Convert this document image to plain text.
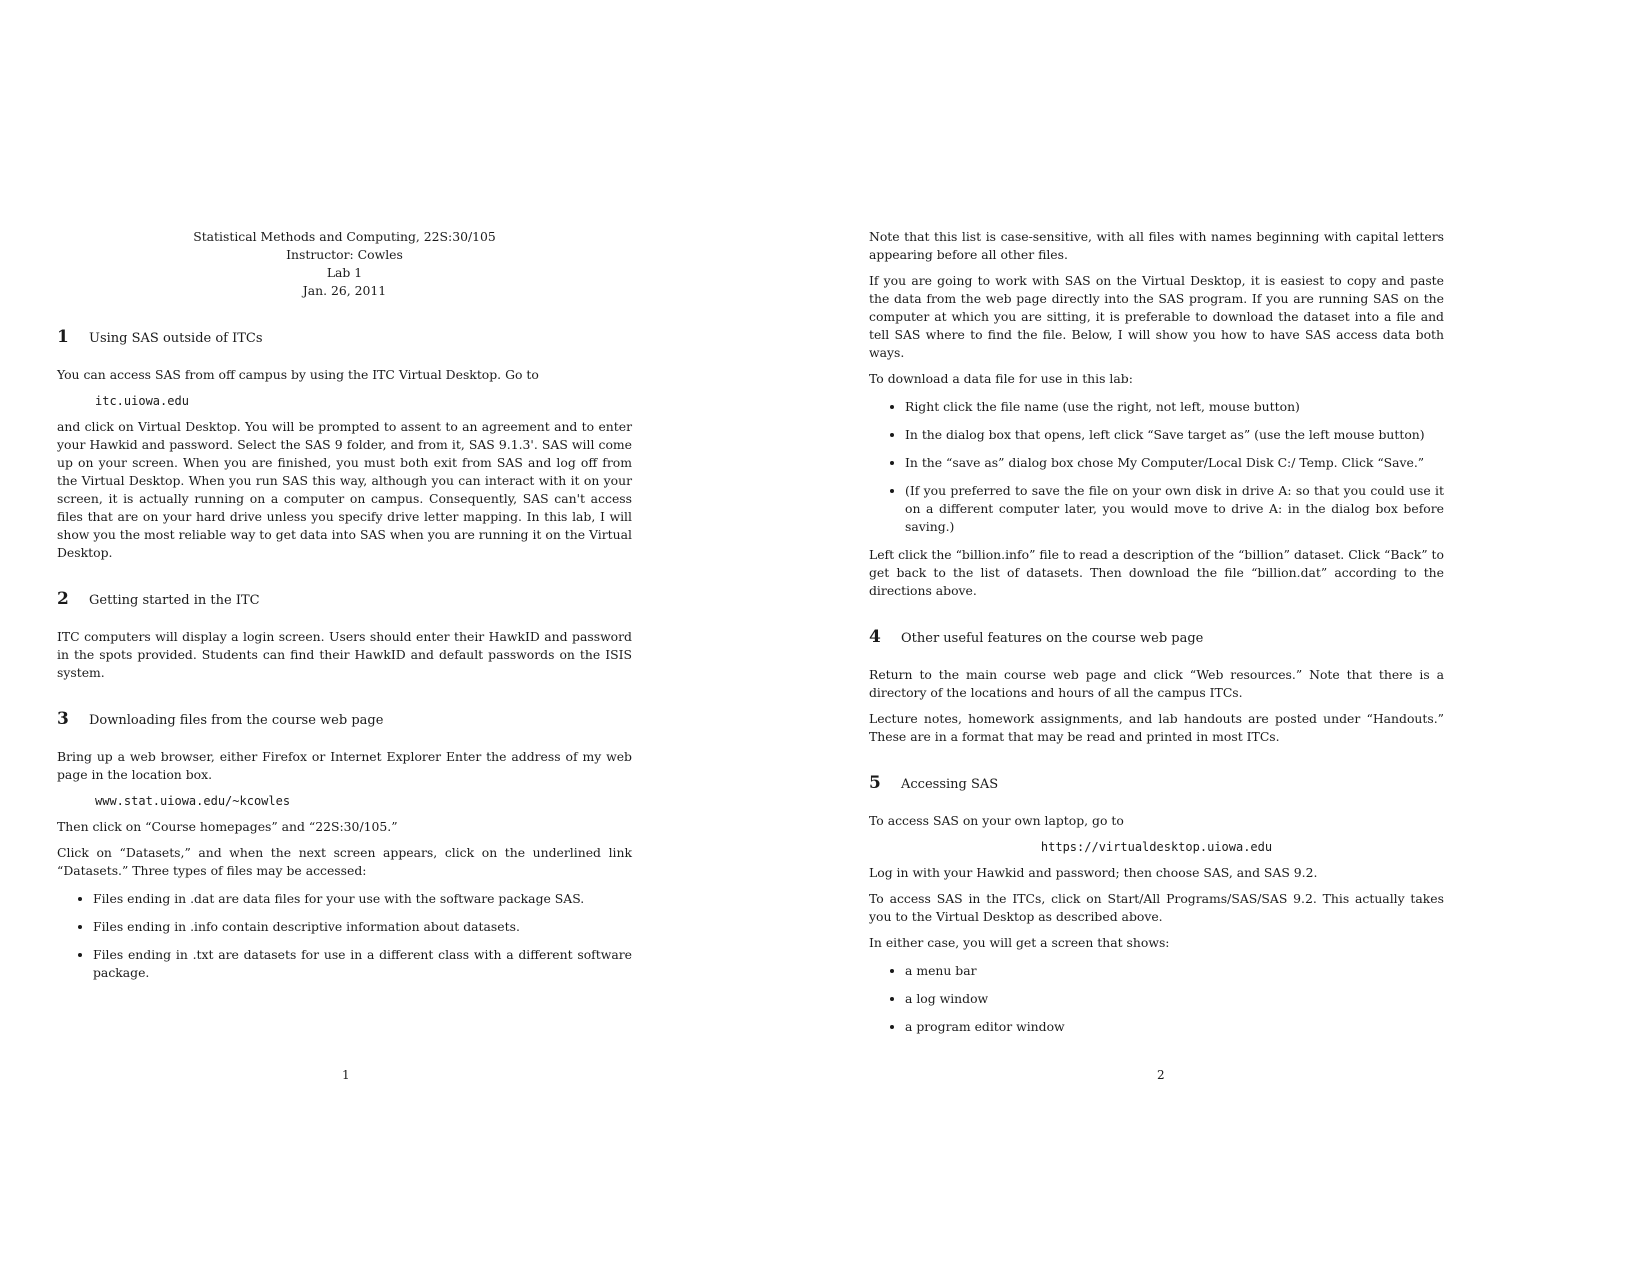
Statistical Methods and Computing, 22S:30/105
Instructor: Cowles
Lab 1
Jan. 26, 2011
1	Using SAS outside of ITCs

You can access SAS from off campus by using the ITC Virtual Desktop. Go to

itc.uiowa.edu

and click on Virtual Desktop. You will be prompted to assent to an agreement and to enter your Hawkid and password. Select the SAS 9 folder, and from it, SAS 9.1.3'. SAS will come up on your screen. When you are finished, you must both exit from SAS and log off from the Virtual Desktop. When you run SAS this way, although you can interact with it on your screen, it is actually running on a computer on campus. Consequently, SAS can't access files that are on your hard drive unless you specify drive letter mapping. In this lab, I will show you the most reliable way to get data into SAS when you are running it on the Virtual Desktop.

2	Getting started in the ITC

ITC computers will display a login screen. Users should enter their HawkID and password in the spots provided. Students can find their HawkID and default passwords on the ISIS system.

3	Downloading files from the course web page

Bring up a web browser, either Firefox or Internet Explorer Enter the address of my web page in the location box.

www.stat.uiowa.edu/~kcowles

Then click on “Course homepages” and “22S:30/105.”

Click on “Datasets,” and when the next screen appears, click on the underlined link “Datasets.” Three types of files may be accessed:

• Files ending in .dat are data files for your use with the software package SAS.
• Files ending in .info contain descriptive information about datasets.
• Files ending in .txt are datasets for use in a different class with a different software package.
1

Note that this list is case-sensitive, with all files with names beginning with capital letters appearing before all other files.

If you are going to work with SAS on the Virtual Desktop, it is easiest to copy and paste the data from the web page directly into the SAS program. If you are running SAS on the computer at which you are sitting, it is preferable to download the dataset into a file and tell SAS where to find the file. Below, I will show you how to have SAS access data both ways.

To download a data file for use in this lab:

• Right click the file name (use the right, not left, mouse button)
• In the dialog box that opens, left click “Save target as” (use the left mouse button)
• In the “save as” dialog box chose My Computer/Local Disk C:/ Temp. Click “Save.”
• (If you preferred to save the file on your own disk in drive A: so that you could use it on a different computer later, you would move to drive A: in the dialog box before saving.)

Left click the “billion.info” file to read a description of the “billion” dataset. Click “Back” to get back to the list of datasets. Then download the file “billion.dat” according to the directions above.

4	Other useful features on the course web page

Return to the main course web page and click “Web resources.” Note that there is a directory of the locations and hours of all the campus ITCs.

Lecture notes, homework assignments, and lab handouts are posted under “Handouts.” These are in a format that may be read and printed in most ITCs.

5	Accessing SAS

To access SAS on your own laptop, go to

https://virtualdesktop.uiowa.edu

Log in with your Hawkid and password; then choose SAS, and SAS 9.2.

To access SAS in the ITCs, click on Start/All Programs/SAS/SAS 9.2. This actually takes you to the Virtual Desktop as described above.

In either case, you will get a screen that shows:

• a menu bar
• a log window
• a program editor window
2
